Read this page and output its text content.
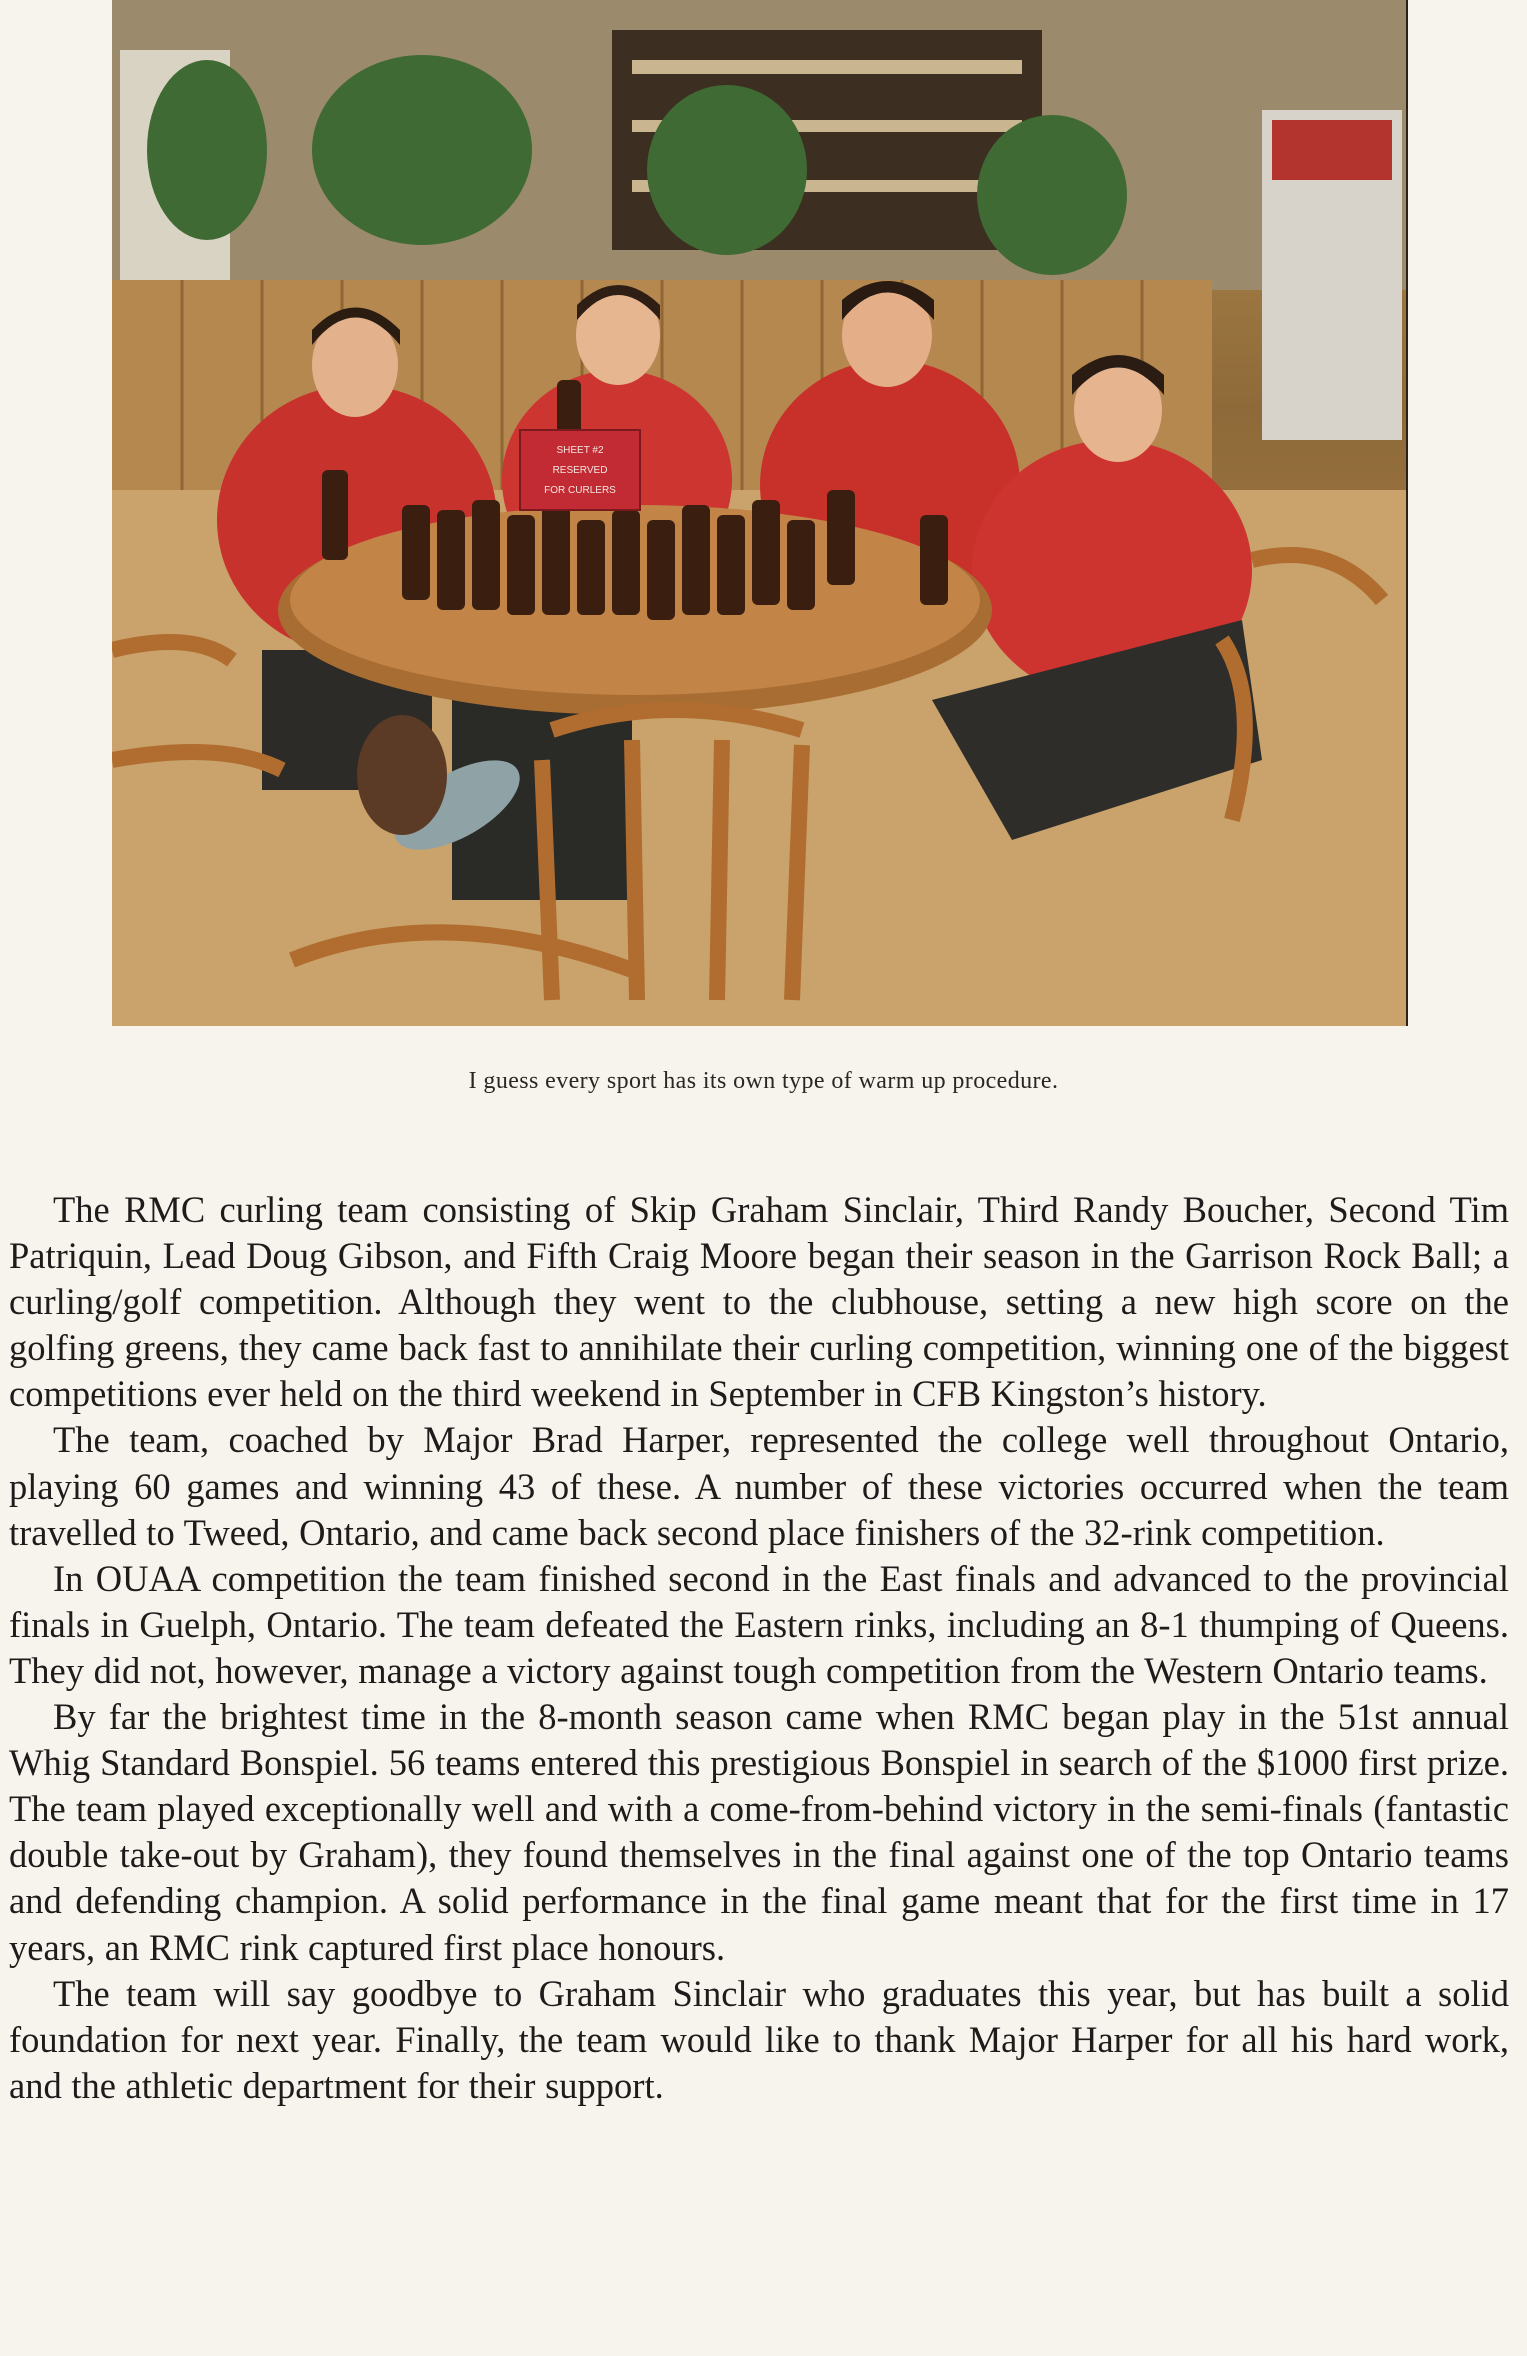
SHEET #2
RESERVED
FOR CURLERS
I guess every sport has its own type of warm up procedure.

The RMC curling team consisting of Skip Graham Sinclair, Third Randy Boucher, Second Tim Patriquin, Lead Doug Gibson, and Fifth Craig Moore began their season in the Garrison Rock Ball; a curling/golf competition. Although they went to the clubhouse, setting a new high score on the golfing greens, they came back fast to annihilate their curling competition, winning one of the biggest competitions ever held on the third weekend in September in CFB Kingston’s history.

The team, coached by Major Brad Harper, represented the college well throughout Ontario, playing 60 games and winning 43 of these. A number of these victories occurred when the team travelled to Tweed, Ontario, and came back second place finishers of the 32-rink competition.

In OUAA competition the team finished second in the East finals and advanced to the provincial finals in Guelph, Ontario. The team defeated the Eastern rinks, including an 8-1 thumping of Queens. They did not, however, manage a victory against tough competition from the Western Ontario teams.

By far the brightest time in the 8-month season came when RMC began play in the 51st annual Whig Standard Bonspiel. 56 teams entered this prestigious Bonspiel in search of the $1000 first prize. The team played exceptionally well and with a come-from-behind victory in the semi-finals (fantastic double take-out by Graham), they found themselves in the final against one of the top Ontario teams and defending champion. A solid performance in the final game meant that for the first time in 17 years, an RMC rink captured first place honours.

The team will say goodbye to Graham Sinclair who graduates this year, but has built a solid foundation for next year. Finally, the team would like to thank Major Harper for all his hard work, and the athletic department for their support.
